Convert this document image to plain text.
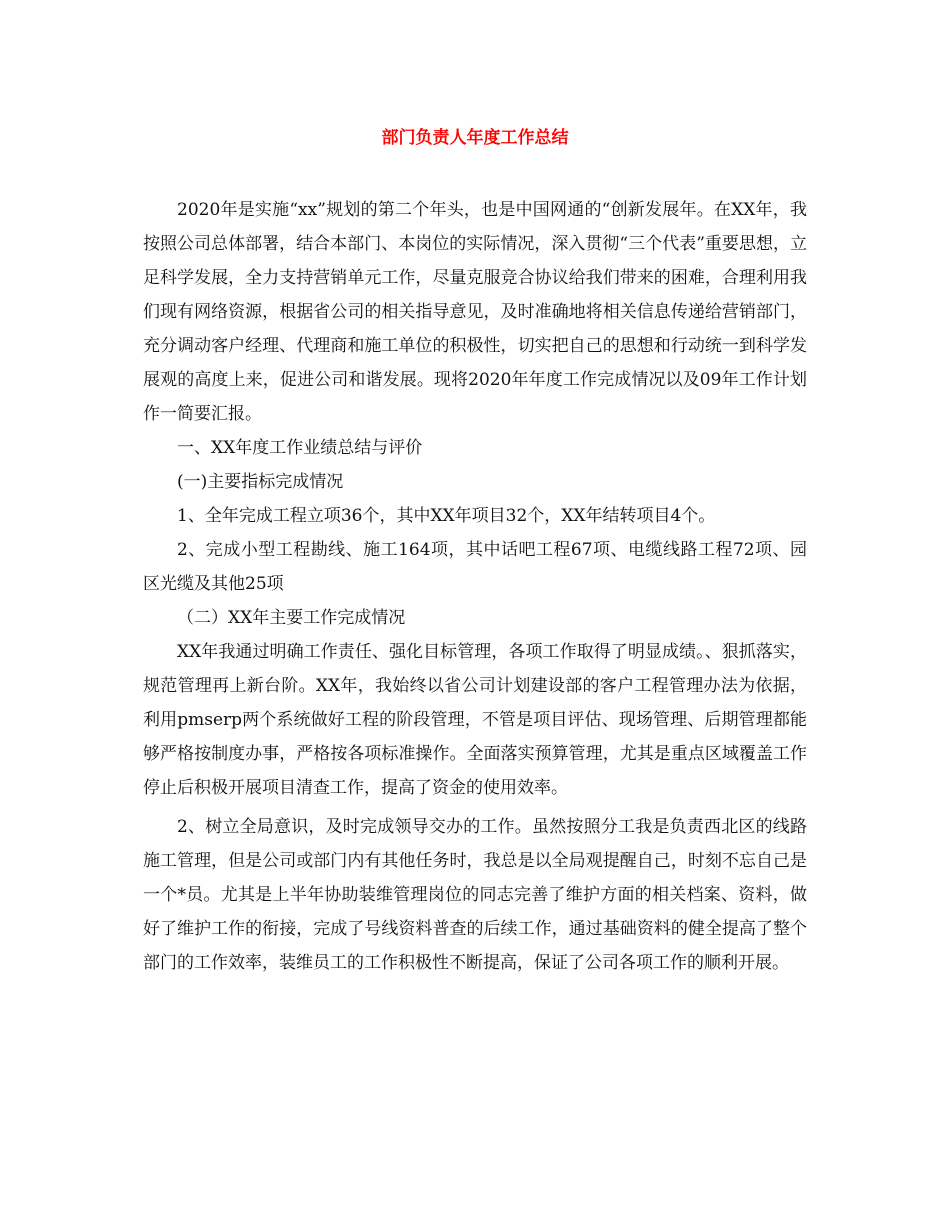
部门负责人年度工作总结

2020年是实施“xx”规划的第二个年头，也是中国网通的“创新发展年。在XX年，我按照公司总体部署，结合本部门、本岗位的实际情况，深入贯彻“三个代表”重要思想，立足科学发展，全力支持营销单元工作，尽量克服竞合协议给我们带来的困难，合理利用我们现有网络资源，根据省公司的相关指导意见，及时准确地将相关信息传递给营销部门，充分调动客户经理、代理商和施工单位的积极性，切实把自己的思想和行动统一到科学发展观的高度上来，促进公司和谐发展。现将2020年年度工作完成情况以及09年工作计划作一简要汇报。

一、XX年度工作业绩总结与评价

(一)主要指标完成情况

1、全年完成工程立项36个，其中XX年项目32个，XX年结转项目4个。

2、完成小型工程勘线、施工164项，其中话吧工程67项、电缆线路工程72项、园区光缆及其他25项

（二）XX年主要工作完成情况

XX年我通过明确工作责任、强化目标管理，各项工作取得了明显成绩。、狠抓落实，规范管理再上新台阶。XX年，我始终以省公司计划建设部的客户工程管理办法为依据，利用pmserp两个系统做好工程的阶段管理，不管是项目评估、现场管理、后期管理都能够严格按制度办事，严格按各项标准操作。全面落实预算管理，尤其是重点区域覆盖工作停止后积极开展项目清查工作，提高了资金的使用效率。

2、树立全局意识，及时完成领导交办的工作。虽然按照分工我是负责西北区的线路施工管理，但是公司或部门内有其他任务时，我总是以全局观提醒自己，时刻不忘自己是一个*员。尤其是上半年协助装维管理岗位的同志完善了维护方面的相关档案、资料，做好了维护工作的衔接，完成了号线资料普查的后续工作，通过基础资料的健全提高了整个部门的工作效率，装维员工的工作积极性不断提高，保证了公司各项工作的顺利开展。
